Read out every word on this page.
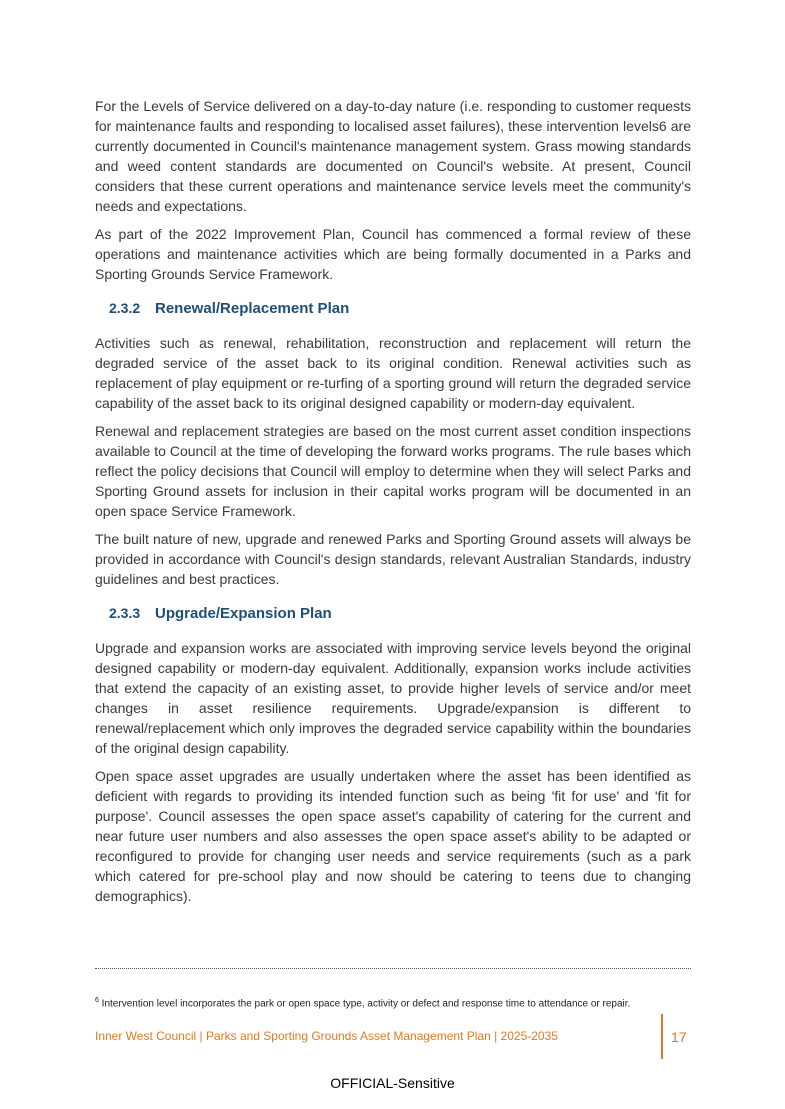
For the Levels of Service delivered on a day-to-day nature (i.e. responding to customer requests for maintenance faults and responding to localised asset failures), these intervention levels6 are currently documented in Council's maintenance management system. Grass mowing standards and weed content standards are documented on Council's website. At present, Council considers that these current operations and maintenance service levels meet the community's needs and expectations.

As part of the 2022 Improvement Plan, Council has commenced a formal review of these operations and maintenance activities which are being formally documented in a Parks and Sporting Grounds Service Framework.

2.3.2 Renewal/Replacement Plan

Activities such as renewal, rehabilitation, reconstruction and replacement will return the degraded service of the asset back to its original condition. Renewal activities such as replacement of play equipment or re-turfing of a sporting ground will return the degraded service capability of the asset back to its original designed capability or modern-day equivalent.

Renewal and replacement strategies are based on the most current asset condition inspections available to Council at the time of developing the forward works programs. The rule bases which reflect the policy decisions that Council will employ to determine when they will select Parks and Sporting Ground assets for inclusion in their capital works program will be documented in an open space Service Framework.

The built nature of new, upgrade and renewed Parks and Sporting Ground assets will always be provided in accordance with Council's design standards, relevant Australian Standards, industry guidelines and best practices.

2.3.3 Upgrade/Expansion Plan

Upgrade and expansion works are associated with improving service levels beyond the original designed capability or modern-day equivalent. Additionally, expansion works include activities that extend the capacity of an existing asset, to provide higher levels of service and/or meet changes in asset resilience requirements. Upgrade/expansion is different to renewal/replacement which only improves the degraded service capability within the boundaries of the original design capability.

Open space asset upgrades are usually undertaken where the asset has been identified as deficient with regards to providing its intended function such as being 'fit for use' and 'fit for purpose'. Council assesses the open space asset's capability of catering for the current and near future user numbers and also assesses the open space asset's ability to be adapted or reconfigured to provide for changing user needs and service requirements (such as a park which catered for pre-school play and now should be catering to teens due to changing demographics).

$^6$ Intervention level incorporates the park or open space type, activity or defect and response time to attendance or repair.
Inner West Council | Parks and Sporting Grounds Asset Management Plan | 2025-2035	17
OFFICIAL-Sensitive
